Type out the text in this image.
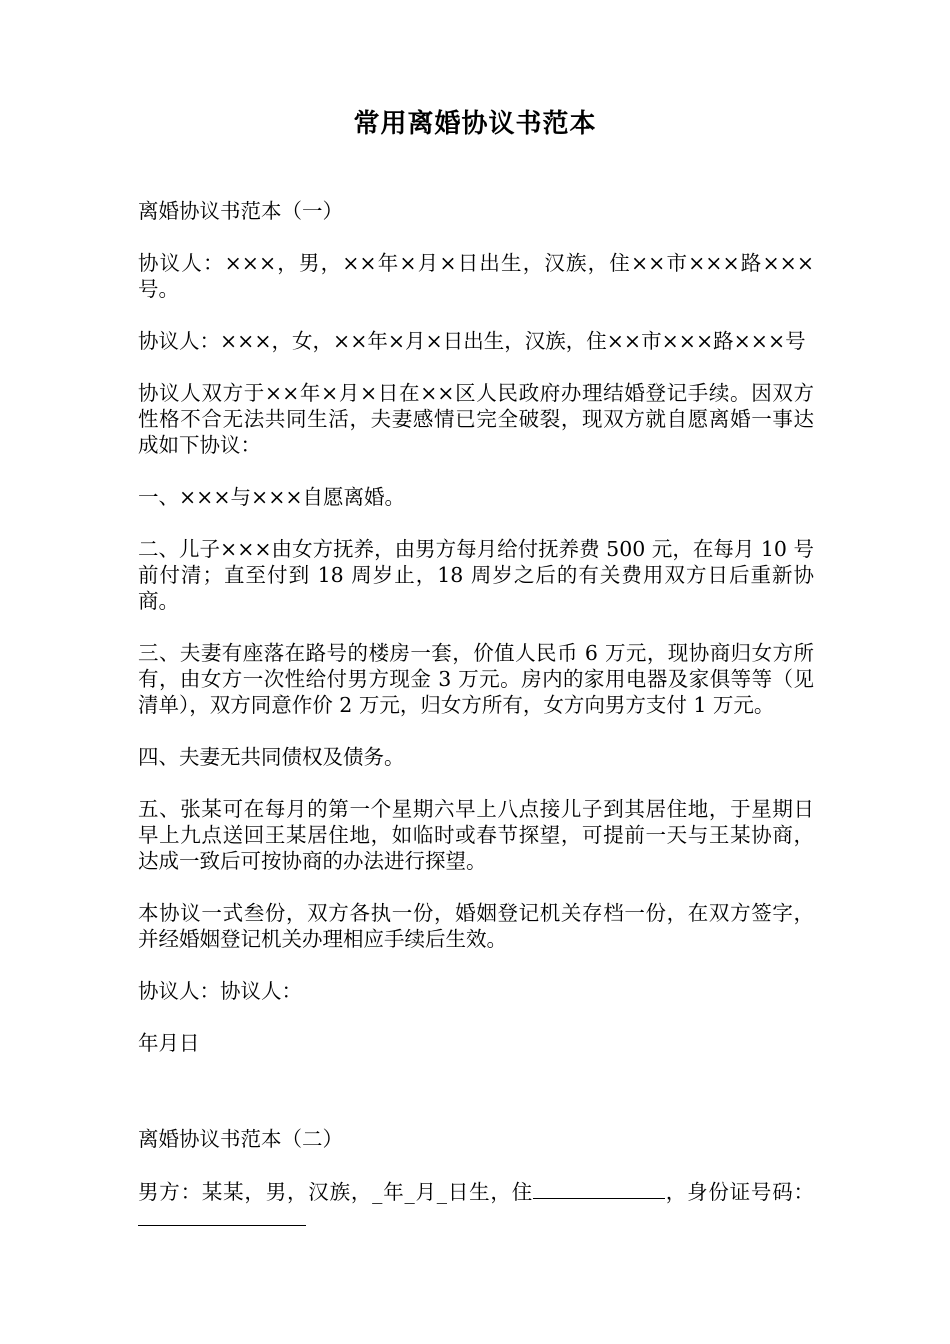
常用离婚协议书范本

离婚协议书范本（一）

协议人：×××，男，××年×月×日出生，汉族，住××市×××路×××号。

协议人：×××，女，××年×月×日出生，汉族，住××市×××路×××号

协议人双方于××年×月×日在××区人民政府办理结婚登记手续。因双方性格不合无法共同生活，夫妻感情已完全破裂，现双方就自愿离婚一事达成如下协议：

一、×××与×××自愿离婚。

二、儿子×××由女方抚养，由男方每月给付抚养费 500 元，在每月 10 号前付清；直至付到 18 周岁止，18 周岁之后的有关费用双方日后重新协商。

三、夫妻有座落在路号的楼房一套，价值人民币 6 万元，现协商归女方所有，由女方一次性给付男方现金 3 万元。房内的家用电器及家俱等等（见清单），双方同意作价 2 万元，归女方所有，女方向男方支付 1 万元。

四、夫妻无共同债权及债务。

五、张某可在每月的第一个星期六早上八点接儿子到其居住地，于星期日早上九点送回王某居住地，如临时或春节探望，可提前一天与王某协商，达成一致后可按协商的办法进行探望。

本协议一式叁份，双方各执一份，婚姻登记机关存档一份，在双方签字，并经婚姻登记机关办理相应手续后生效。

协议人：协议人：

年月日

离婚协议书范本（二）

男方：某某，男，汉族，_年_月_日生，住	，身份证号码：
